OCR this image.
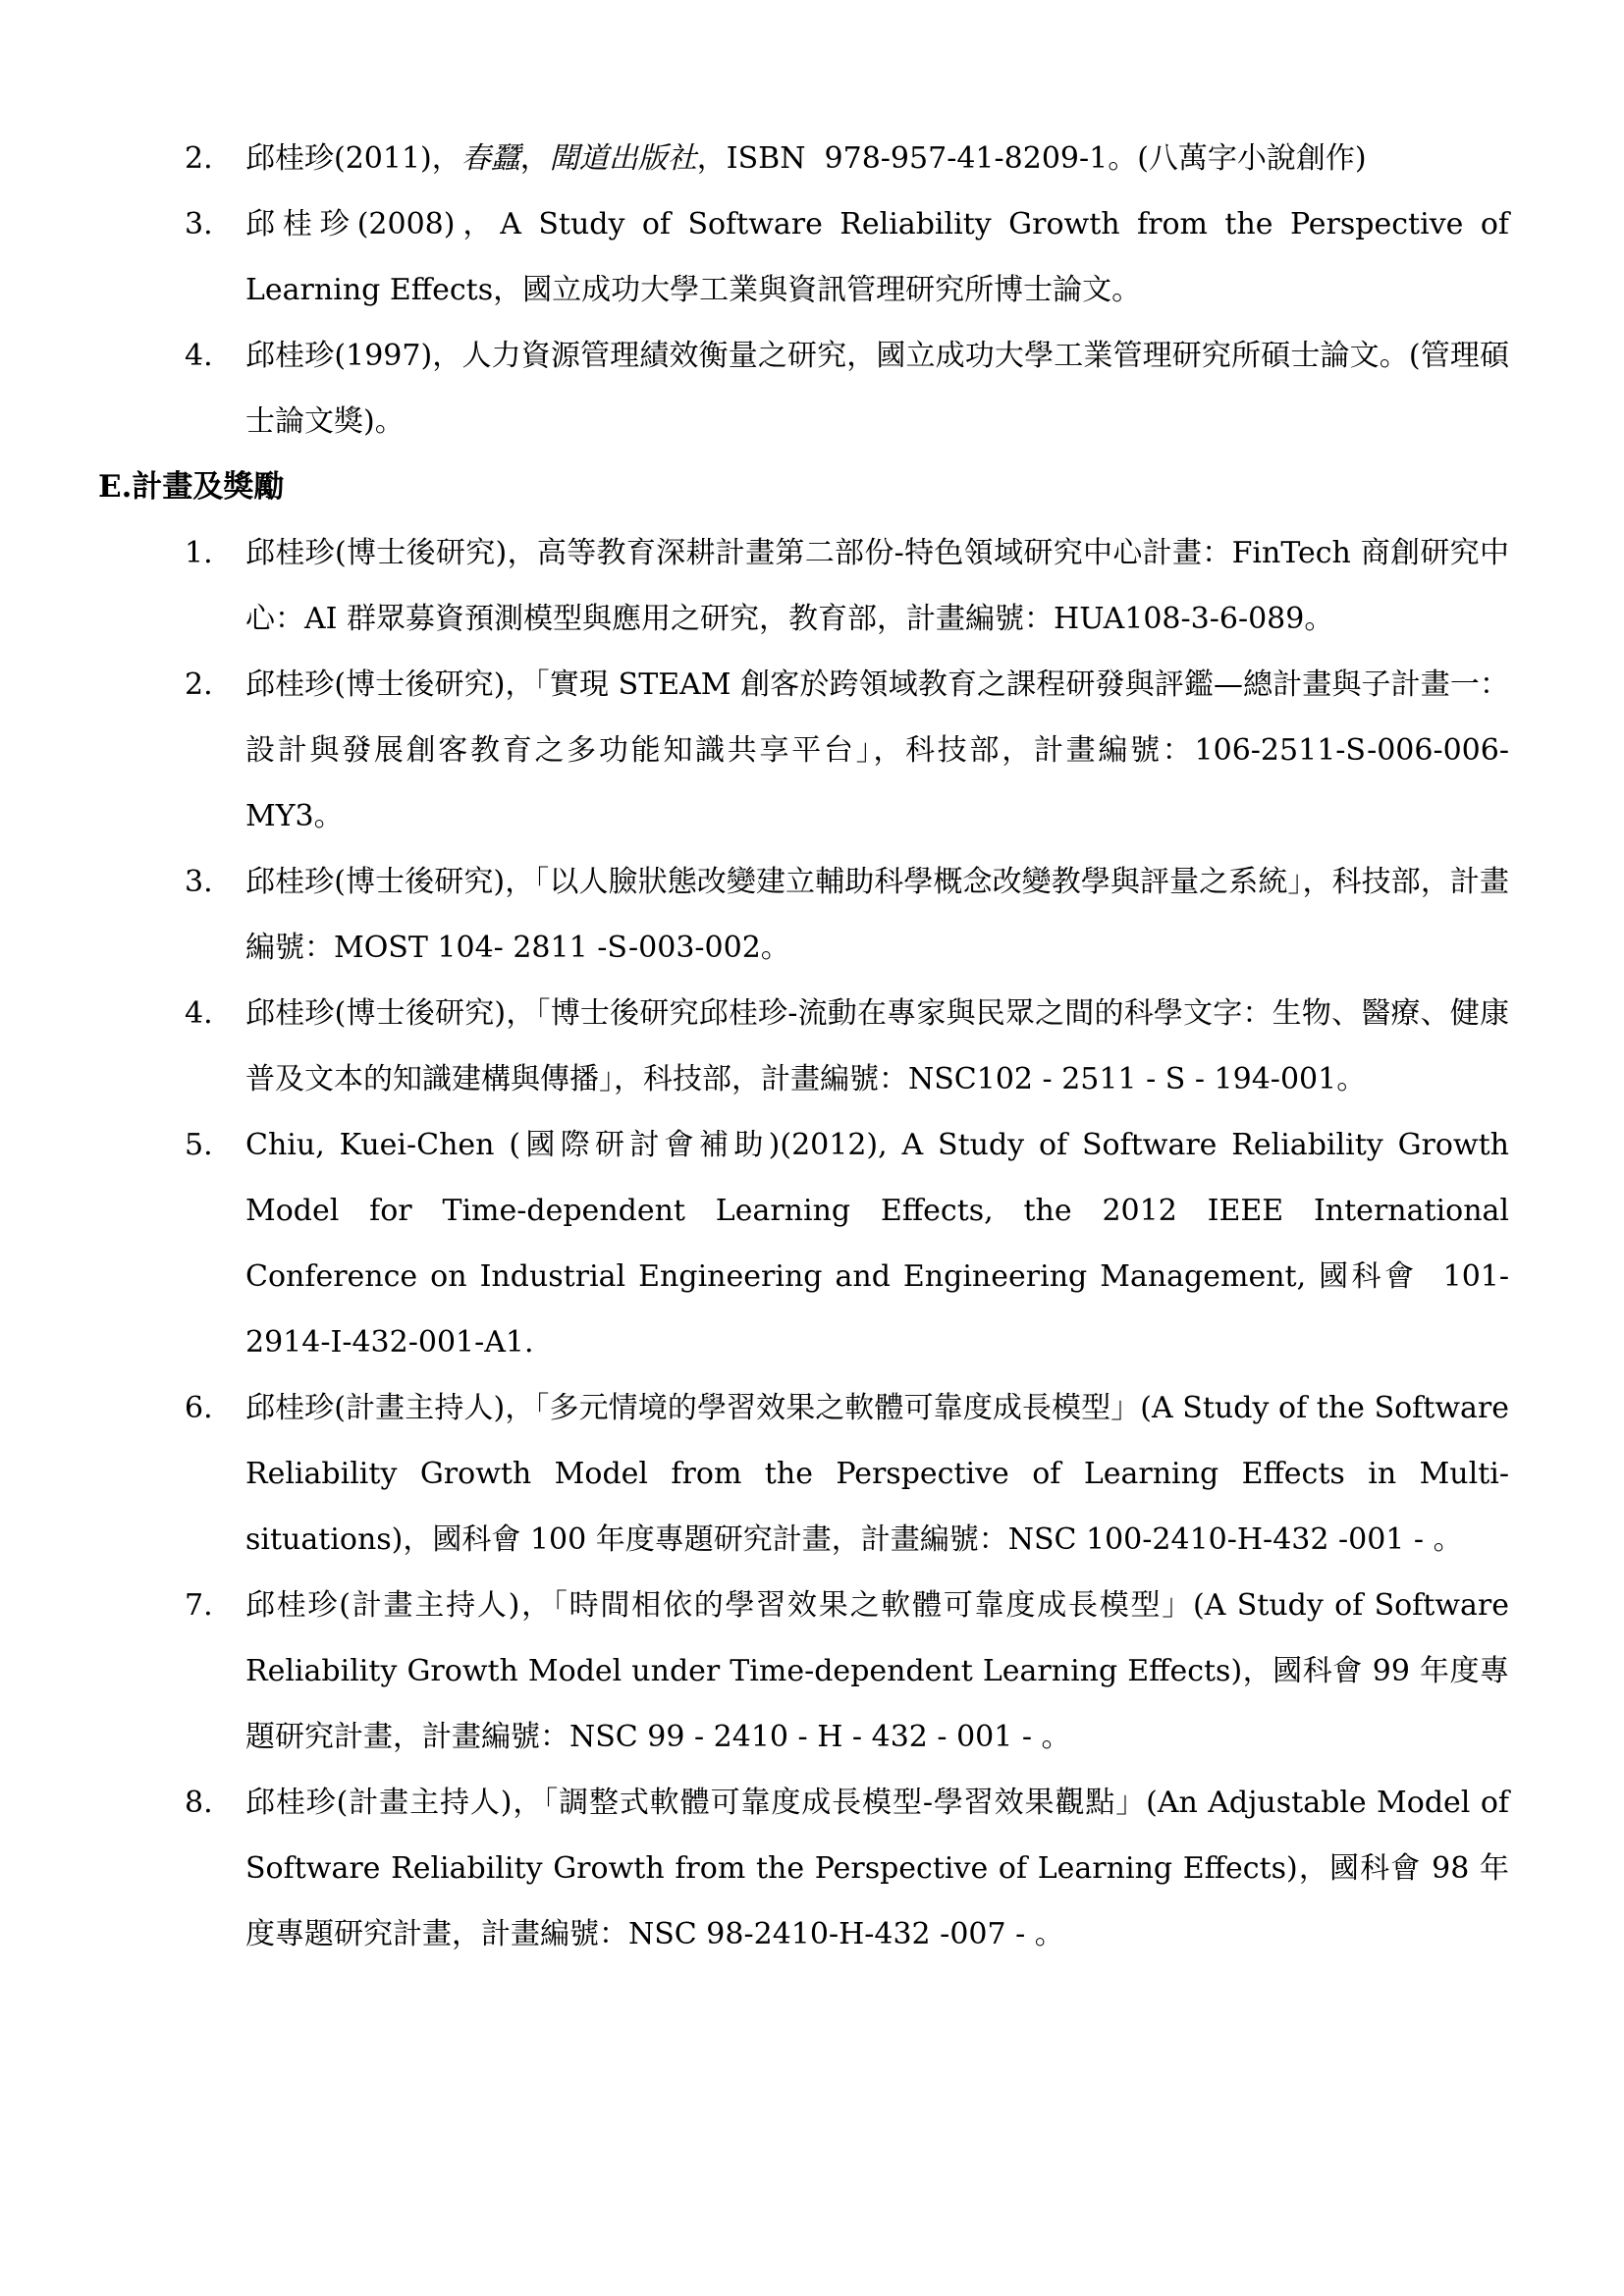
2.	邱桂珍(2011)，春蠶，聞道出版社，ISBN  978-957-41-8209-1。(八萬字小說創作)
3.	邱桂珍(2008)，A Study of Software Reliability Growth from the Perspective of Learning Effects，國立成功大學工業與資訊管理研究所博士論文。
4.	邱桂珍(1997)，人力資源管理績效衡量之研究，國立成功大學工業管理研究所碩士論文。(管理碩士論文獎)。
E.計畫及獎勵
1.	邱桂珍(博士後研究)，高等教育深耕計畫第二部份-特色領域研究中心計畫：FinTech 商創研究中心：AI 群眾募資預測模型與應用之研究，教育部，計畫編號：HUA108-3-6-089。
2.	邱桂珍(博士後研究)，「實現 STEAM 創客於跨領域教育之課程研發與評鑑—總計畫與子計畫一：設計與發展創客教育之多功能知識共享平台」，科技部，計畫編號：106-2511-S-006-006-MY3。
3.	邱桂珍(博士後研究)，「以人臉狀態改變建立輔助科學概念改變教學與評量之系統」，科技部，計畫編號：MOST 104- 2811 -S-003-002。
4.	邱桂珍(博士後研究)，「博士後研究邱桂珍-流動在專家與民眾之間的科學文字：生物、醫療、健康普及文本的知識建構與傳播」，科技部，計畫編號：NSC102 - 2511 - S - 194-001。
5.	Chiu, Kuei-Chen (國際研討會補助)(2012), A Study of Software Reliability Growth Model for Time-dependent Learning Effects, the 2012 IEEE International Conference on Industrial Engineering and Engineering Management, 國科會  101-2914-I-432-001-A1.
6.	邱桂珍(計畫主持人)，「多元情境的學習效果之軟體可靠度成長模型」(A Study of the Software Reliability Growth Model from the Perspective of Learning Effects in Multi-situations)，國科會 100 年度專題研究計畫，計畫編號：NSC 100-2410-H-432 -001 - 。
7.	邱桂珍(計畫主持人)，「時間相依的學習效果之軟體可靠度成長模型」(A Study of Software Reliability Growth Model under Time-dependent Learning Effects)，國科會 99 年度專題研究計畫，計畫編號：NSC 99 - 2410 - H - 432 - 001 - 。
8.	邱桂珍(計畫主持人)，「調整式軟體可靠度成長模型-學習效果觀點」(An Adjustable Model of Software Reliability Growth from the Perspective of Learning Effects)，國科會 98 年度專題研究計畫，計畫編號：NSC 98-2410-H-432 -007 - 。
